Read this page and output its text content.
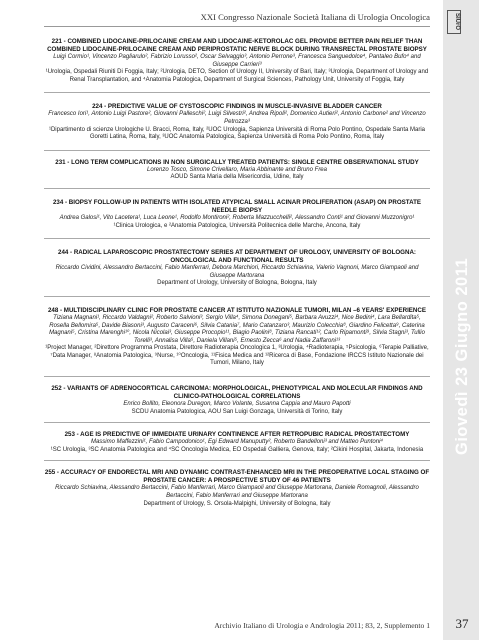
XXI Congresso Nazionale Società Italiana di Urologia Oncologica	SIUrO
Giovedì 23 Giugno 2011
221 - COMBINED LIDOCAINE-PRILOCAINE CREAM AND LIDOCAINE-KETOROLAC GEL PROVIDE BETTER PAIN RELIEF THAN COMBINED LIDOCAINE-PRILOCAINE CREAM AND PERIPROSTATIC NERVE BLOCK DURING TRANSRECTAL PROSTATE BIOPSY
Luigi Cormio¹, Vincenzo Pagliarulo², Fabrizio Lorusso², Oscar Selvaggio³, Antonio Perrone³, Francesca Sanguedolce⁴, Pantaleo Bufo⁴ and Giuseppe Carrieri³
¹Urologia, Ospedali Riuniti Di Foggia, Italy; ²Urologia, DETO, Section of Urology II, University of Bari, Italy; ³Urologia, Department of Urology and Renal Transplantation, and ⁴Anatomia Patologica, Department of Surgical Sciences, Pathology Unit, University of Foggia, Italy
224 - PREDICTIVE VALUE OF CYSTOSCOPIC FINDINGS IN MUSCLE-INVASIVE BLADDER CANCER
Francesco Iori¹, Antonio Luigi Pastore², Giovanni Palleschi², Luigi Silvestri², Andrea Ripoli², Domenico Autieri², Antonio Carbone² and Vincenzo Petrozza³
¹Dipartimento di scienze Urologiche U. Bracci, Roma, Italy, ²UOC Urologia, Sapienza Università di Roma Polo Pontino, Ospedale Santa Maria Goretti Latina, Roma, Italy, ³UOC Anatomia Patologica, Sapienza Università di Roma Polo Pontino, Roma, Italy
231 - LONG TERM COMPLICATIONS IN NON SURGICALLY TREATED PATIENTS: SINGLE CENTRE OBSERVATIONAL STUDY
Lorenzo Tosco, Simone Crivellaro, Maria Abbinante and Bruno Frea
AOUD Santa Maria della Misericordia, Udine, Italy
234 - BIOPSY FOLLOW-UP IN PATIENTS WITH ISOLATED ATYPICAL SMALL ACINAR PROLIFERATION (ASAP) ON PROSTATE NEEDLE BIOPSY
Andrea Galosi¹, Vito Lacetera¹, Luca Leone¹, Rodolfo Montironi², Roberta Mazzucchelli², Alessandro Conti¹ and Giovanni Muzzonigro¹
¹Clinica Urologica, e ²Anatomia Patologica, Università Politecnica delle Marche, Ancona, Italy
244 - RADICAL LAPAROSCOPIC PROSTATECTOMY SERIES AT DEPARTMENT OF UROLOGY, UNIVERSITY OF BOLOGNA: ONCOLOGICAL AND FUNCTIONAL RESULTS
Riccardo Cividini, Alessandro Bertaccini, Fabio Manferrari, Debora Marchiori, Riccardo Schiavina, Valerio Vagnoni, Marco Giampaoli and Giuseppe Martorana
Department of Urology, University of Bologna, Bologna, Italy
248 - MULTIDISCIPLINARY CLINIC FOR PROSTATE CANCER AT ISTITUTO NAZIONALE TUMORI, MILAN –6 YEARS' EXPERIENCE
Tiziana Magnani¹, Riccardo Valdagni², Roberto Salvioni³, Sergio Villa⁴, Simona Donegani⁵, Barbara Avuzzi⁴, Nice Bedini⁴, Lara Bellardita⁵, Rosella Bellomira⁵, Davide Biasoni³, Augusto Caraceni⁶, Silvia Catania⁷, Mario Catanzaro³, Maurizio Colecchia⁸, Giardino Felicetta⁹, Caterina Magnani⁵, Cristina Marenghi¹⁰, Nicola Nicolai³, Giuseppe Procopio¹¹, Biagio Paolini⁸, Tiziana Rancati¹², Carlo Ripamonti⁹, Silvia Stagni³, Tullio Torelli³, Annalisa Villa⁵, Daniela Villani⁵, Ernesto Zecca⁶ and Nadia Zaffaroni¹³
¹Project Manager, ²Direttore Programma Prostata, Direttore Radioterapia Oncologica 1, ³Urologia, ⁴Radioterapia, ⁵Psicologia, ⁶Terapie Palliative, ⁷Data Manager, ⁸Anatomia Patologica, ⁹Nurse, ¹⁰Oncologia, ¹¹Fisica Medica and ¹²Ricerca di Base, Fondazione IRCCS Istituto Nazionale dei Tumori, Milano, Italy
252 - VARIANTS OF ADRENOCORTICAL CARCINOMA: MORPHOLOGICAL, PHENOTYPICAL AND MOLECULAR FINDINGS AND CLINICO-PATHOLOGICAL CORRELATIONS
Enrico Bollito, Eleonora Duregon, Marco Volante, Susanna Cappia and Mauro Papotti
SCDU Anatomia Patologica, AOU San Luigi Gonzaga, Università di Torino, Italy
253 - AGE IS PREDICTIVE OF IMMEDIATE URINARY CONTINENCE AFTER RETROPUBIC RADICAL PROSTATECTOMY
Massimo Maffezzini¹, Fabio Campodonico¹, Egi Edward Manuputty², Roberto Bandelloni³ and Matteo Puntoni⁴
¹SC Urologia, ³SC Anatomia Patologica and ⁴SC Oncologia Medica, EO Ospedali Galliera, Genova, Italy; ²Cikini Hospital, Jakarta, Indonesia
255 - ACCURACY OF ENDORECTAL MRI AND DYNAMIC CONTRAST-ENHANCED MRI IN THE PREOPERATIVE LOCAL STAGING OF PROSTATE CANCER: A PROSPECTIVE STUDY OF 46 PATIENTS
Riccardo Schiavina, Alessandro Bertaccini, Fabio Manferrari, Marco Giampaoli and Giuseppe Martorana, Daniele Romagnoli, Alessandro Bertaccini, Fabio Manferrari and Giuseppe Martorana
Department of Urology, S. Orsola-Malpighi, University of Bologna, Italy
Archivio Italiano di Urologia e Andrologia 2011; 83, 2, Supplemento 1	37
